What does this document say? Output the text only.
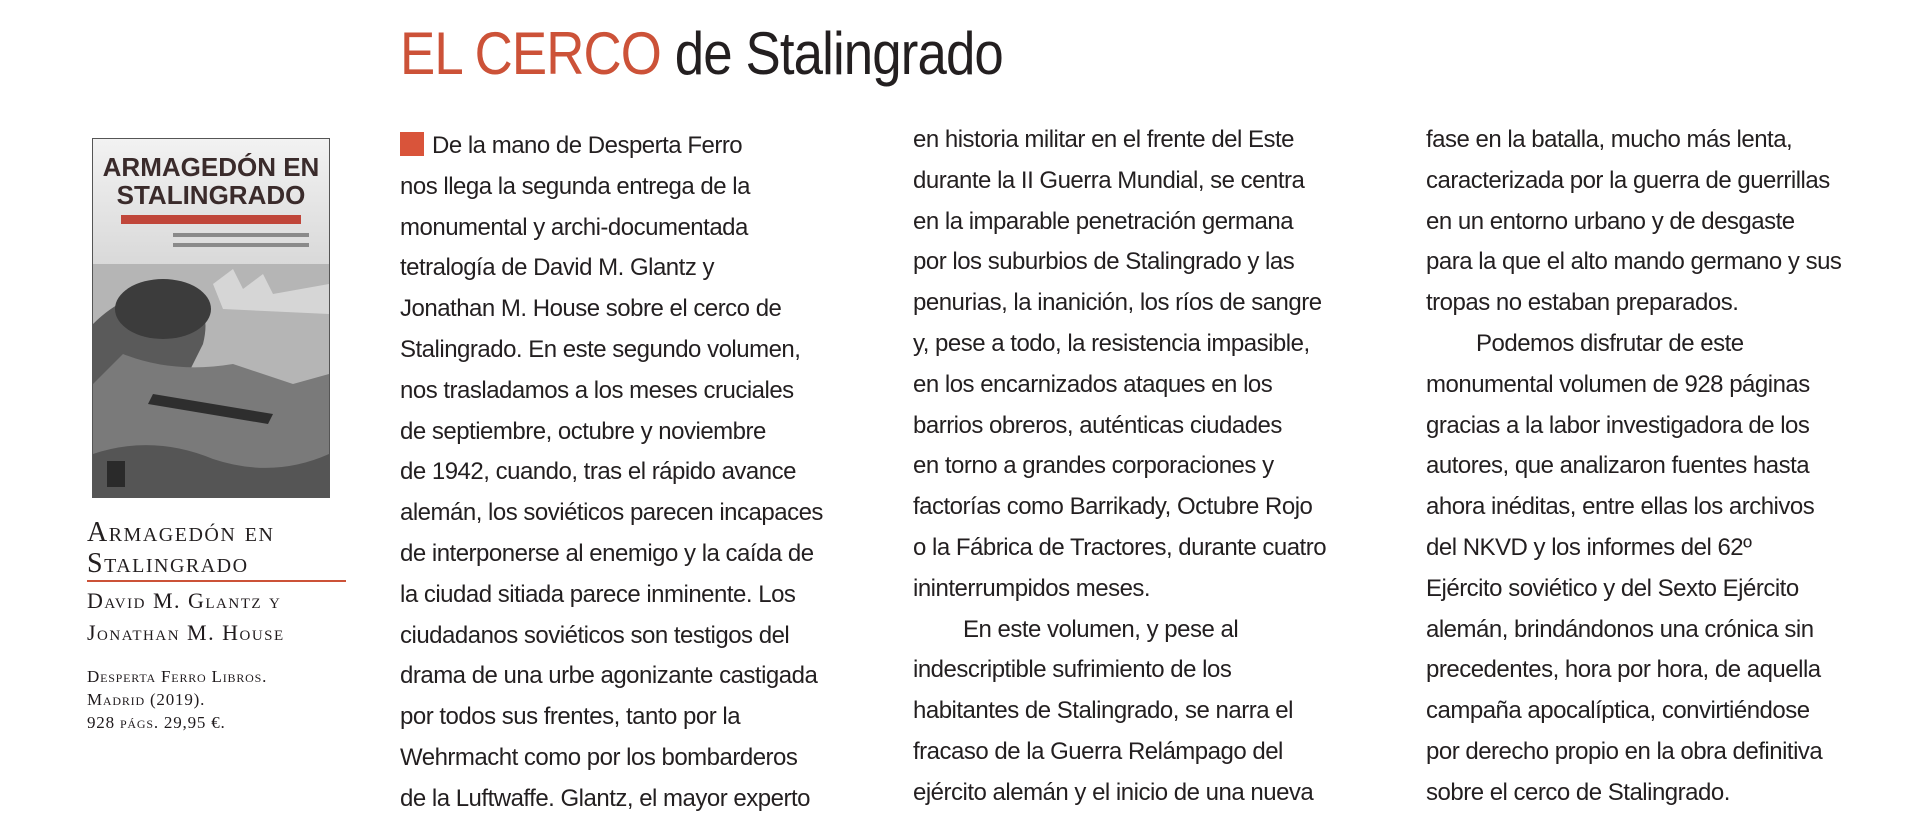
EL CERCO de Stalingrado
ARMAGEDÓN EN
STALINGRADO
Armagedón en
Stalingrado
David M. Glantz y
Jonathan M. House
Desperta Ferro Libros.
Madrid (2019).
928 págs. 29,95 €.
De la mano de Desperta Ferro
nos llega la segunda entrega de la
monumental y archi-documentada
tetralogía de David M. Glantz y
Jonathan M. House sobre el cerco de
Stalingrado. En este segundo volumen,
nos trasladamos a los meses cruciales
de septiembre, octubre y noviembre
de 1942, cuando, tras el rápido avance
alemán, los soviéticos parecen incapaces
de interponerse al enemigo y la caída de
la ciudad sitiada parece inminente. Los
ciudadanos soviéticos son testigos del
drama de una urbe agonizante castigada
por todos sus frentes, tanto por la
Wehrmacht como por los bombarderos
de la Luftwaffe. Glantz, el mayor experto
en historia militar en el frente del Este
durante la II Guerra Mundial, se centra
en la imparable penetración germana
por los suburbios de Stalingrado y las
penurias, la inanición, los ríos de sangre
y, pese a todo, la resistencia impasible,
en los encarnizados ataques en los
barrios obreros, auténticas ciudades
en torno a grandes corporaciones y
factorías como Barrikady, Octubre Rojo
o la Fábrica de Tractores, durante cuatro
ininterrumpidos meses.
En este volumen, y pese al
indescriptible sufrimiento de los
habitantes de Stalingrado, se narra el
fracaso de la Guerra Relámpago del
ejército alemán y el inicio de una nueva
fase en la batalla, mucho más lenta,
caracterizada por la guerra de guerrillas
en un entorno urbano y de desgaste
para la que el alto mando germano y sus
tropas no estaban preparados.
Podemos disfrutar de este
monumental volumen de 928 páginas
gracias a la labor investigadora de los
autores, que analizaron fuentes hasta
ahora inéditas, entre ellas los archivos
del NKVD y los informes del 62º
Ejército soviético y del Sexto Ejército
alemán, brindándonos una crónica sin
precedentes, hora por hora, de aquella
campaña apocalíptica, convirtiéndose
por derecho propio en la obra definitiva
sobre el cerco de Stalingrado.
